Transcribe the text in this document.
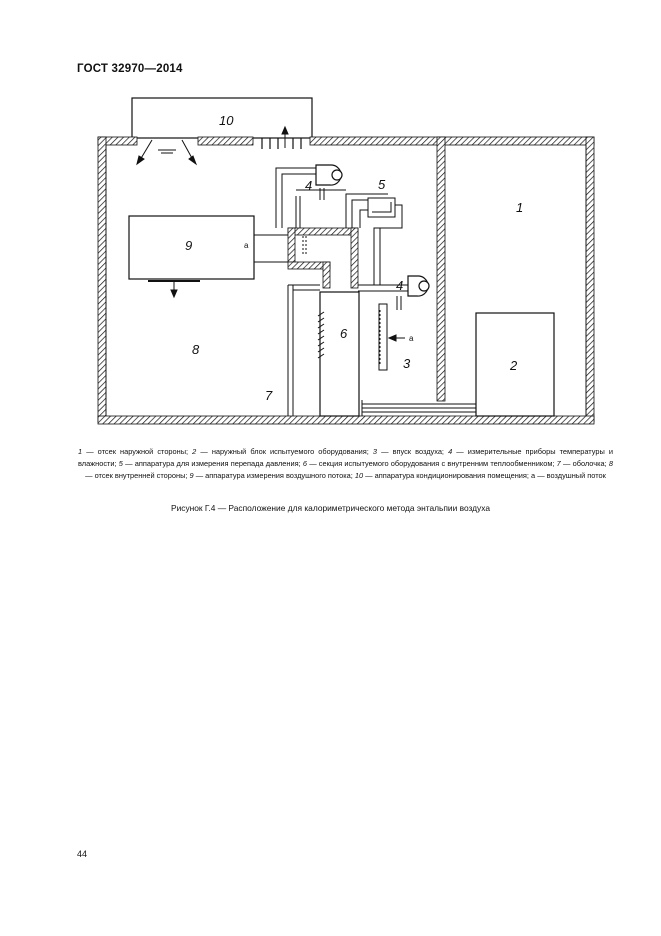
ГОСТ 32970—2014
10
1
2
3
4
4
5
6
7
8
9	a
a
1 — отсек наружной стороны; 2 — наружный блок испытуемого оборудования; 3 — впуск воздуха; 4 — измерительные приборы температуры и влажности; 5 — аппаратура для измерения перепада давления; 6 — секция испытуемого оборудования с внутренним теплообменником; 7 — оболочка; 8 — отсек внутренней стороны; 9 — аппаратура измерения воздушного потока; 10 — аппаратура кондиционирования помещения; a — воздушный поток
Рисунок Г.4 — Расположение для калориметрического метода энтальпии воздуха
44
